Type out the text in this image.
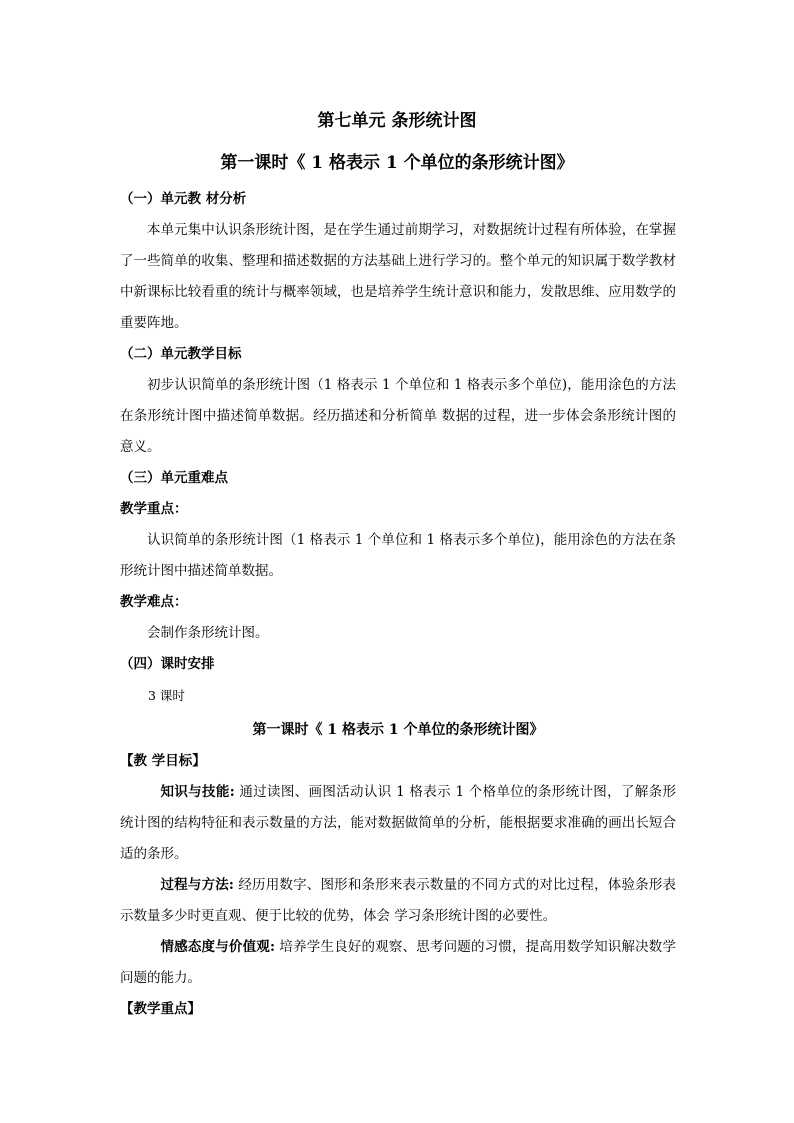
第七单元 条形统计图
第一课时《 1 格表示 1 个单位的条形统计图》

（一）单元教 材分析

本单元集中认识条形统计图，是在学生通过前期学习，对数据统计过程有所体验，在掌握了一些简单的收集、整理和描述数据的方法基础上进行学习的。整个单元的知识属于数学教材中新课标比较看重的统计与概率领域，也是培养学生统计意识和能力，发散思维、应用数学的重要阵地。

（二）单元教学目标

初步认识简单的条形统计图（1 格表示 1 个单位和 1 格表示多个单位)，能用涂色的方法在条形统计图中描述简单数据。经历描述和分析简单 数据的过程，进一步体会条形统计图的意义。

（三）单元重难点

教学重点：

认识简单的条形统计图（1 格表示 1 个单位和 1 格表示多个单位)，能用涂色的方法在条形统计图中描述简单数据。

教学难点：

会制作条形统计图。

（四）课时安排

3 课时

第一课时《 1 格表示 1 个单位的条形统计图》

【教 学目标】

知识与技能: 通过读图、画图活动认识 1 格表示 1 个格单位的条形统计图，了解条形统计图的结构特征和表示数量的方法，能对数据做简单的分析，能根据要求准确的画出长短合适的条形。

过程与方法: 经历用数字、图形和条形来表示数量的不同方式的对比过程，体验条形表示数量多少时更直观、便于比较的优势，体会 学习条形统计图的必要性。

情感态度与价值观: 培养学生良好的观察、思考问题的习惯，提高用数学知识解决数学问题的能力。

【教学重点】
